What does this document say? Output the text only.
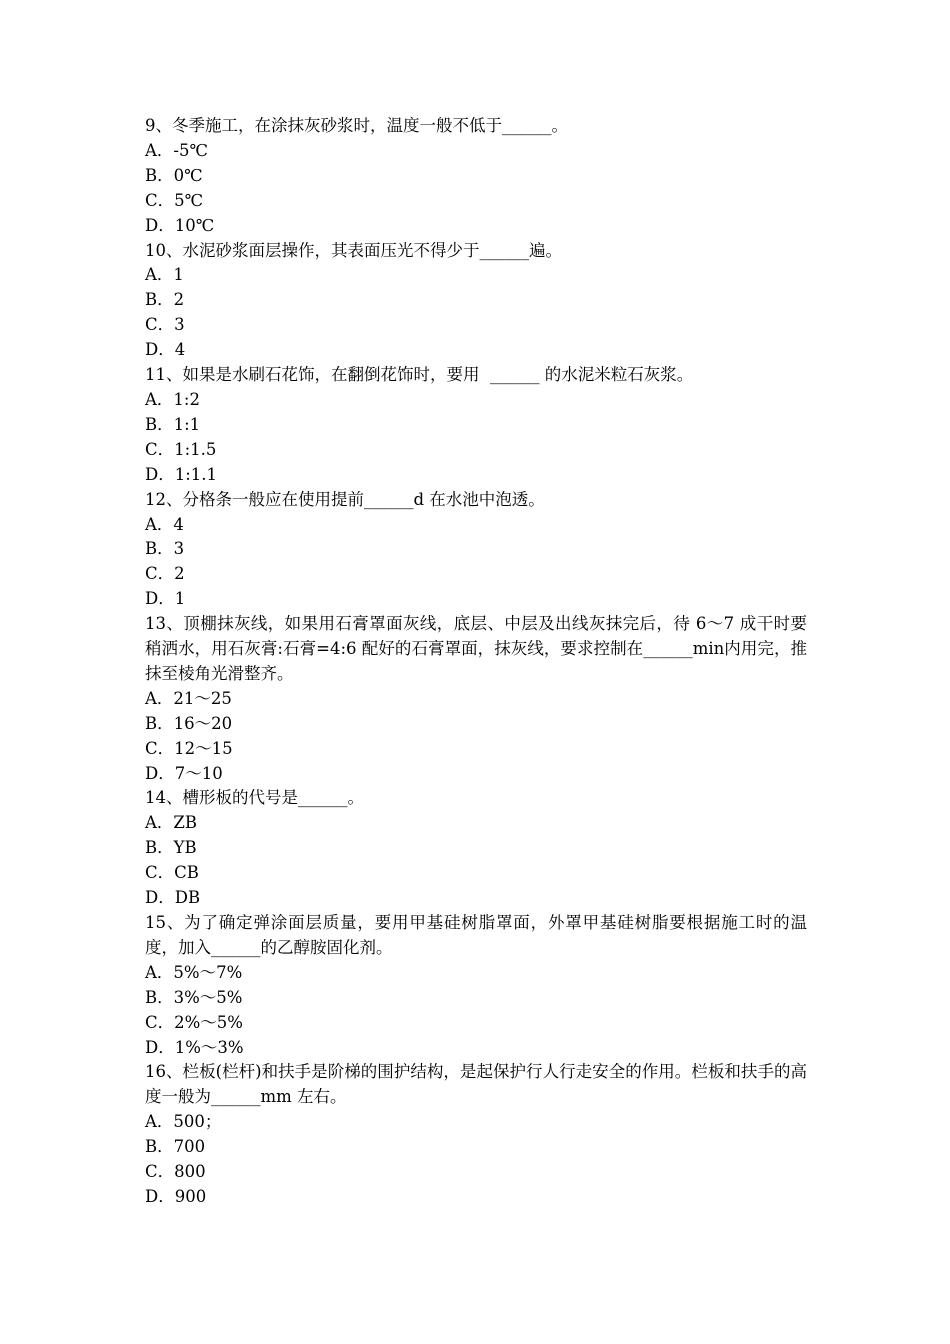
9、冬季施工，在涂抹灰砂浆时，温度一般不低于______。

A．-5℃

B．0℃

C．5℃

D．10℃

10、水泥砂浆面层操作，其表面压光不得少于______遍。

A．1

B．2

C．3

D．4

11、如果是水刷石花饰，在翻倒花饰时，要用  ______ 的水泥米粒石灰浆。

A．1:2

B．1:1

C．1:1.5

D．1:1.1

12、分格条一般应在使用提前______d 在水池中泡透。

A．4

B．3

C．2

D．1

13、顶棚抹灰线，如果用石膏罩面灰线，底层、中层及出线灰抹完后，待 6～7 成干时要稍洒水，用石灰膏:石膏=4:6 配好的石膏罩面，抹灰线，要求控制在______min内用完，推抹至棱角光滑整齐。

A．21～25

B．16～20

C．12～15

D．7～10

14、槽形板的代号是______。

A．ZB

B．YB

C．CB

D．DB

15、为了确定弹涂面层质量，要用甲基硅树脂罩面，外罩甲基硅树脂要根据施工时的温度，加入______的乙醇胺固化剂。

A．5%～7%

B．3%～5%

C．2%～5%

D．1%～3%

16、栏板(栏杆)和扶手是阶梯的围护结构，是起保护行人行走安全的作用。栏板和扶手的高度一般为______mm 左右。

A．500；

B．700

C．800

D．900
